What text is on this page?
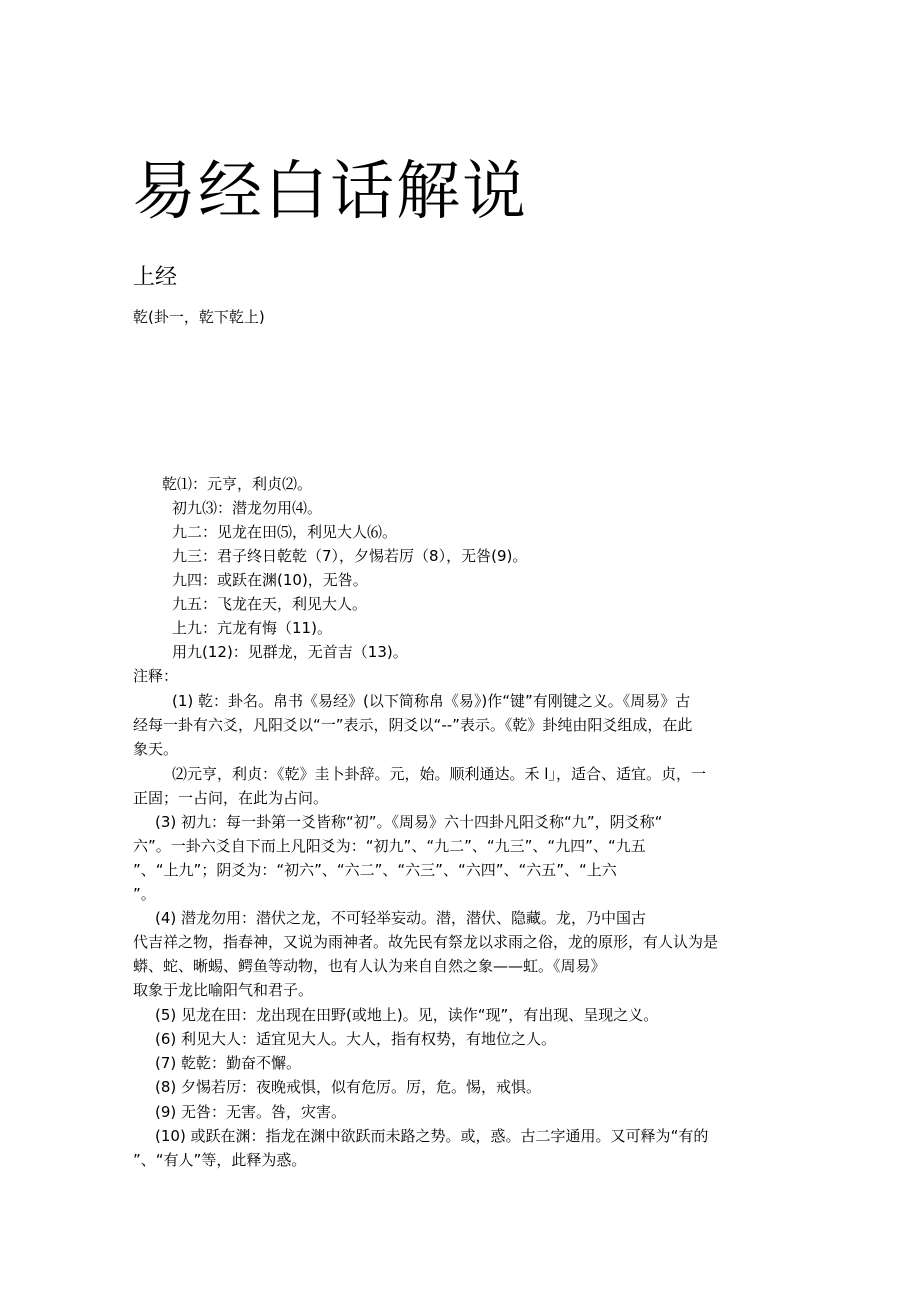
易经白话解说
上经
乾(卦一，乾下乾上)
乾⑴：元亨，利贞⑵。
初九⑶：潜龙勿用⑷。
九二：见龙在田⑸，利见大人⑹。
九三：君子终日乾乾（7），夕惕若厉（8），无咎(9)。
九四：或跃在渊(10)，无咎。
九五：飞龙在天，利见大人。
上九：亢龙有悔（11)。
用九(12)：见群龙，无首吉（13)。
注释：
(1) 乾：卦名。帛书《易经》(以下简称帛《易》)作“键”有刚键之义。《周易》古
经每一卦有六爻，凡阳爻以“一”表示，阴爻以“--”表示。《乾》卦纯由阳爻组成，在此
象天。
⑵元亨，利贞：《乾》圭卜卦辞。元，始。顺利通达。禾 l」，适合、适宜。贞，一
正固；一占问，在此为占问。
(3) 初九：每一卦第一爻皆称“初”。《周易》六十四卦凡阳爻称“九”，阴爻称“
六”。一卦六爻自下而上凡阳爻为：“初九”、“九二”、“九三”、“九四”、“九五
”、“上九”；阴爻为：“初六”、“六二”、“六三”、“六四”、“六五”、“上六
”。
(4) 潜龙勿用：潜伏之龙，不可轻举妄动。潜，潜伏、隐藏。龙，乃中国古
代吉祥之物，指春神，又说为雨神者。故先民有祭龙以求雨之俗，龙的原形，有人认为是
蟒、蛇、晰蜴、鳄鱼等动物，也有人认为来自自然之象——虹。《周易》
取象于龙比喻阳气和君子。
(5) 见龙在田：龙出现在田野(或地上)。见，读作“现”，有出现、呈现之义。
(6) 利见大人：适宜见大人。大人，指有权势，有地位之人。
(7) 乾乾：勤奋不懈。
(8) 夕惕若厉：夜晚戒惧，似有危厉。厉，危。惕，戒惧。
(9) 无咎：无害。咎，灾害。
(10) 或跃在渊：指龙在渊中欲跃而未路之势。或，惑。古二字通用。又可释为“有的
”、“有人”等，此释为惑。
